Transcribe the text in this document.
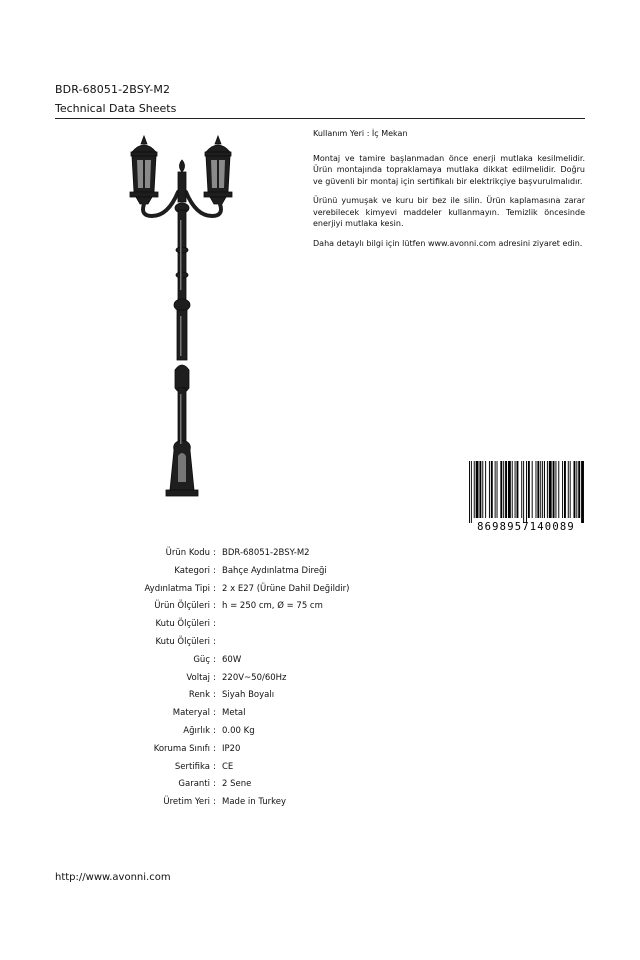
BDR-68051-2BSY-M2
Technical Data Sheets

Kullanım Yeri : İç Mekan

Montaj ve tamire başlanmadan önce enerji mutlaka kesilmelidir. Ürün montajında topraklamaya mutlaka dikkat edilmelidir. Doğru ve güvenli bir montaj için sertifikalı bir elektrikçiye başvurulmalıdır.

Ürünü yumuşak ve kuru bir bez ile silin. Ürün kaplamasına zarar verebilecek kimyevi maddeler kullanmayın. Temizlik öncesinde enerjiyi mutlaka kesin.

Daha detaylı bilgi için lütfen www.avonni.com adresini ziyaret edin.

8698957140089
Ürün Kodu : BDR-68051-2BSY-M2
Kategori : Bahçe Aydınlatma Direği
Aydınlatma Tipi : 2 x E27 (Ürüne Dahil Değildir)
Ürün Ölçüleri : h = 250 cm, Ø = 75 cm
Kutu Ölçüleri :
Kutu Ölçüleri :
Güç : 60W
Voltaj : 220V~50/60Hz
Renk : Siyah Boyalı
Materyal : Metal
Ağırlık : 0.00 Kg
Koruma Sınıfı : IP20
Sertifika : CE
Garanti : 2 Sene
Üretim Yeri : Made in Turkey
http://www.avonni.com
